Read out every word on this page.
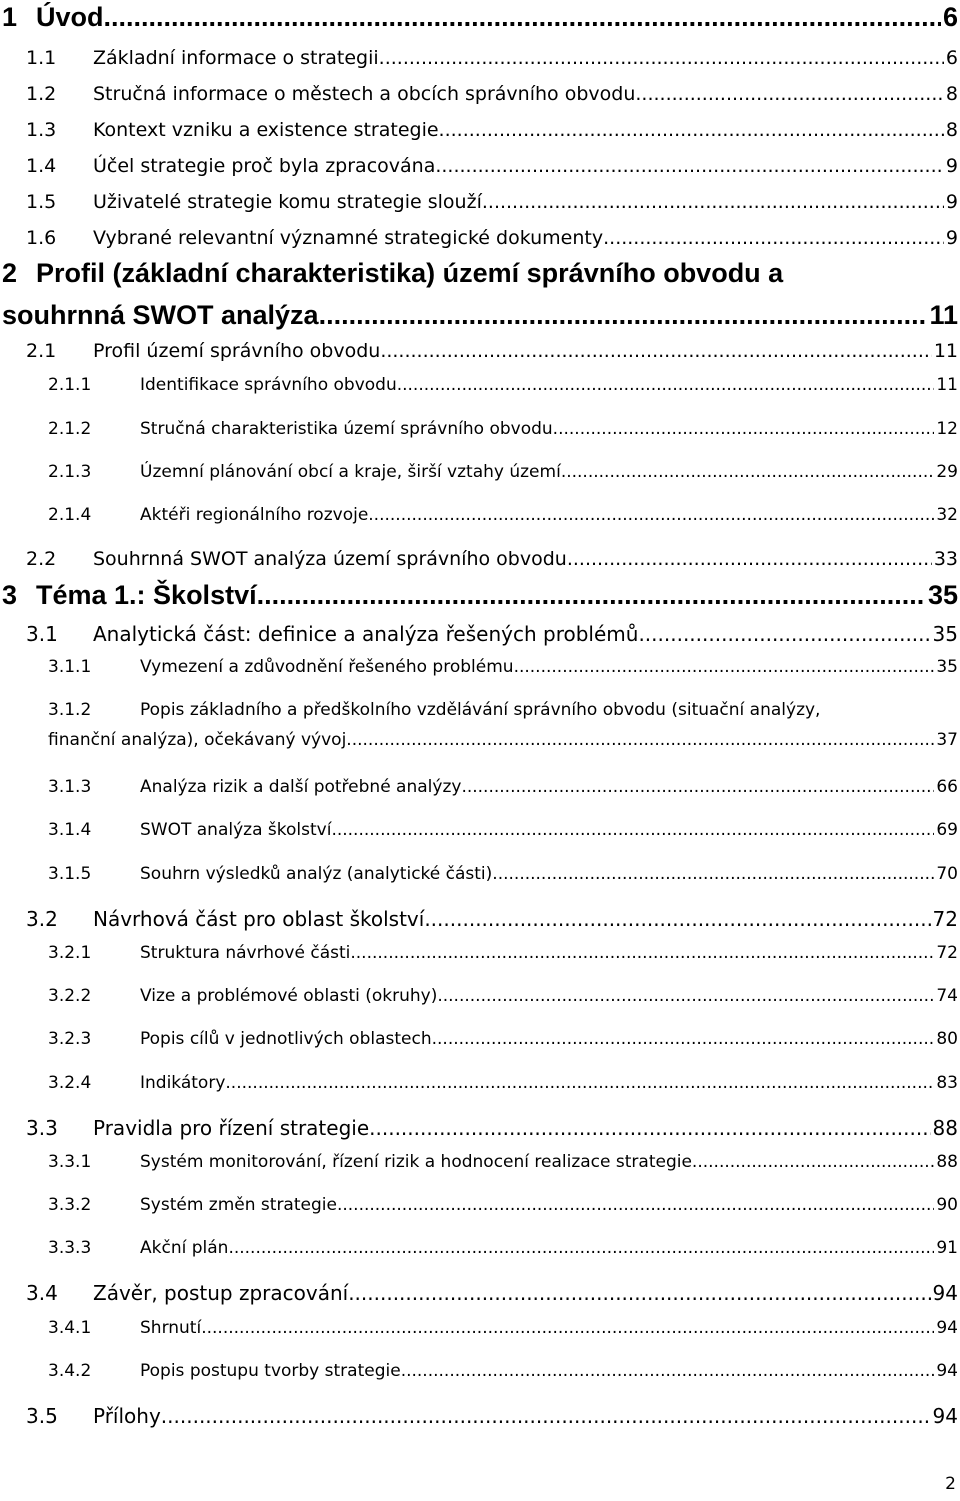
1 Úvod .....	6
1.1	Základní informace o strategii .....	6
1.2	Stručná informace o městech a obcích správního obvodu .....	8
1.3	Kontext vzniku a existence strategie .....	8
1.4	Účel strategie proč byla zpracována .....	9
1.5	Uživatelé strategie komu strategie slouží .....	9
1.6	Vybrané relevantní významné strategické dokumenty .....	9
2 Profil (základní charakteristika) území správního obvodu a
souhrnná SWOT analýza .....	11
2.1	Profil území správního obvodu .....	11
2.1.1	Identifikace správního obvodu .....	11
2.1.2	Stručná charakteristika území správního obvodu .....	12
2.1.3	Územní plánování obcí a kraje, širší vztahy území .....	29
2.1.4	Aktéři regionálního rozvoje .....	32
2.2	Souhrnná SWOT analýza území správního obvodu .....	33
3 Téma 1.: Školství .....	35
3.1	Analytická část: definice a analýza řešených problémů .....	35
3.1.1	Vymezení a zdůvodnění řešeného problému .....	35
3.1.2	Popis základního a předškolního vzdělávání správního obvodu (situační analýzy,
finanční analýza), očekávaný vývoj .....	37
3.1.3	Analýza rizik a další potřebné analýzy .....	66
3.1.4	SWOT analýza školství .....	69
3.1.5	Souhrn výsledků analýz (analytické části) .....	70
3.2	Návrhová část pro oblast školství .....	72
3.2.1	Struktura návrhové části .....	72
3.2.2	Vize a problémové oblasti (okruhy) .....	74
3.2.3	Popis cílů v jednotlivých oblastech .....	80
3.2.4	Indikátory .....	83
3.3	Pravidla pro řízení strategie .....	88
3.3.1	Systém monitorování, řízení rizik a hodnocení realizace strategie .....	88
3.3.2	Systém změn strategie .....	90
3.3.3	Akční plán .....	91
3.4	Závěr, postup zpracování .....	94
3.4.1	Shrnutí .....	94
3.4.2	Popis postupu tvorby strategie .....	94
3.5	Přílohy .....	94
2
